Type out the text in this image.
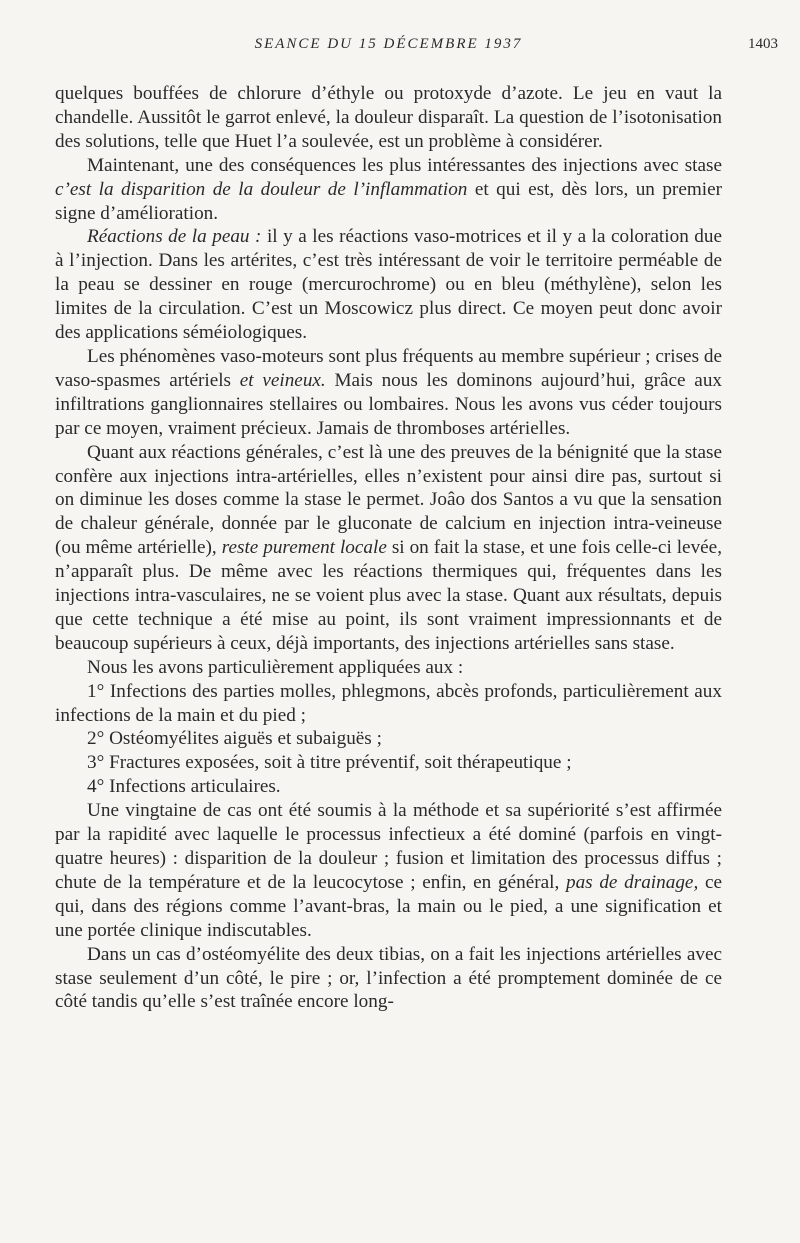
SEANCE DU 15 DÉCEMBRE 1937	1403

quelques bouffées de chlorure d’éthyle ou protoxyde d’azote. Le jeu en vaut la chandelle. Aussitôt le garrot enlevé, la douleur disparaît. La question de l’isotonisation des solutions, telle que Huet l’a soulevée, est un problème à considérer.

Maintenant, une des conséquences les plus intéressantes des injections avec stase c’est la disparition de la douleur de l’inflammation et qui est, dès lors, un premier signe d’amélioration.

Réactions de la peau : il y a les réactions vaso-motrices et il y a la coloration due à l’injection. Dans les artérites, c’est très intéressant de voir le territoire perméable de la peau se dessiner en rouge (mercurochrome) ou en bleu (méthylène), selon les limites de la circulation. C’est un Moscowicz plus direct. Ce moyen peut donc avoir des applications séméiologiques.

Les phénomènes vaso-moteurs sont plus fréquents au membre supérieur ; crises de vaso-spasmes artériels et veineux. Mais nous les dominons aujourd’hui, grâce aux infiltrations ganglionnaires stellaires ou lombaires. Nous les avons vus céder toujours par ce moyen, vraiment précieux. Jamais de thromboses artérielles.

Quant aux réactions générales, c’est là une des preuves de la bénignité que la stase confère aux injections intra-artérielles, elles n’existent pour ainsi dire pas, surtout si on diminue les doses comme la stase le permet. Joâo dos Santos a vu que la sensation de chaleur générale, donnée par le gluconate de calcium en injection intra-veineuse (ou même artérielle), reste purement locale si on fait la stase, et une fois celle-ci levée, n’apparaît plus. De même avec les réactions thermiques qui, fréquentes dans les injections intra-vasculaires, ne se voient plus avec la stase. Quant aux résultats, depuis que cette technique a été mise au point, ils sont vraiment impressionnants et de beaucoup supérieurs à ceux, déjà importants, des injections artérielles sans stase.

Nous les avons particulièrement appliquées aux :

1° Infections des parties molles, phlegmons, abcès profonds, particulièrement aux infections de la main et du pied ;

2° Ostéomyélites aiguës et subaiguës ;

3° Fractures exposées, soit à titre préventif, soit thérapeutique ;

4° Infections articulaires.

Une vingtaine de cas ont été soumis à la méthode et sa supériorité s’est affirmée par la rapidité avec laquelle le processus infectieux a été dominé (parfois en vingt-quatre heures) : disparition de la douleur ; fusion et limitation des processus diffus ; chute de la température et de la leucocytose ; enfin, en général, pas de drainage, ce qui, dans des régions comme l’avant-bras, la main ou le pied, a une signification et une portée clinique indiscutables.

Dans un cas d’ostéomyélite des deux tibias, on a fait les injections artérielles avec stase seulement d’un côté, le pire ; or, l’infection a été promptement dominée de ce côté tandis qu’elle s’est traînée encore long-
